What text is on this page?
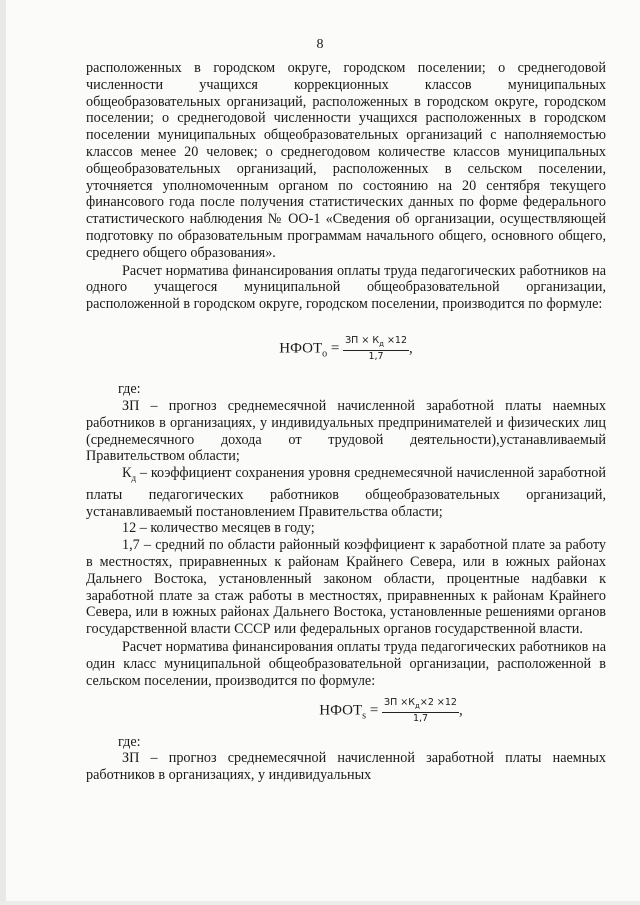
8

расположенных в городском округе, городском поселении; о среднегодовой численности учащихся коррекционных классов муниципальных общеобразовательных организаций, расположенных в городском округе, городском поселении; о среднегодовой численности учащихся расположенных в городском поселении муниципальных общеобразовательных организаций с наполняемостью классов менее 20 человек; о среднегодовом количестве классов муниципальных общеобразовательных организаций, расположенных в сельском поселении, уточняется уполномоченным органом по состоянию на 20 сентября текущего финансового года после получения статистических данных по форме федерального статистического наблюдения № ОО-1 «Сведения об организации, осуществляющей подготовку по образовательным программам начального общего, основного общего, среднего общего образования».

Расчет норматива финансирования оплаты труда педагогических работников на одного учащегося муниципальной общеобразовательной организации, расположенной в городском округе, городском поселении, производится по формуле:

$НФОТ_о = \frac{ЗП \times К_д \times 12}{1,7}$ ,

где:

ЗП – прогноз среднемесячной начисленной заработной платы наемных работников в организациях, у индивидуальных предпринимателей и физических лиц (среднемесячного дохода от трудовой деятельности),устанавливаемый Правительством области;

$К_д$ – коэффициент сохранения уровня среднемесячной начисленной заработной платы педагогических работников общеобразовательных организаций, устанавливаемый постановлением Правительства области;

12 – количество месяцев в году;

1,7 – средний по области районный коэффициент к заработной плате за работу в местностях, приравненных к районам Крайнего Севера, или в южных районах Дальнего Востока, установленный законом области, процентные надбавки к заработной плате за стаж работы в местностях, приравненных к районам Крайнего Севера, или в южных районах Дальнего Востока, установленные решениями органов государственной власти СССР или федеральных органов государственной власти.

Расчет норматива финансирования оплаты труда педагогических работников на один класс муниципальной общеобразовательной организации, расположенной в сельском поселении, производится по формуле:

$НФОТ_s = \frac{ЗП \times К_д\times 2 \times 12}{1,7}$ ,

где:

ЗП – прогноз среднемесячной начисленной заработной платы наемных работников в организациях, у индивидуальных
